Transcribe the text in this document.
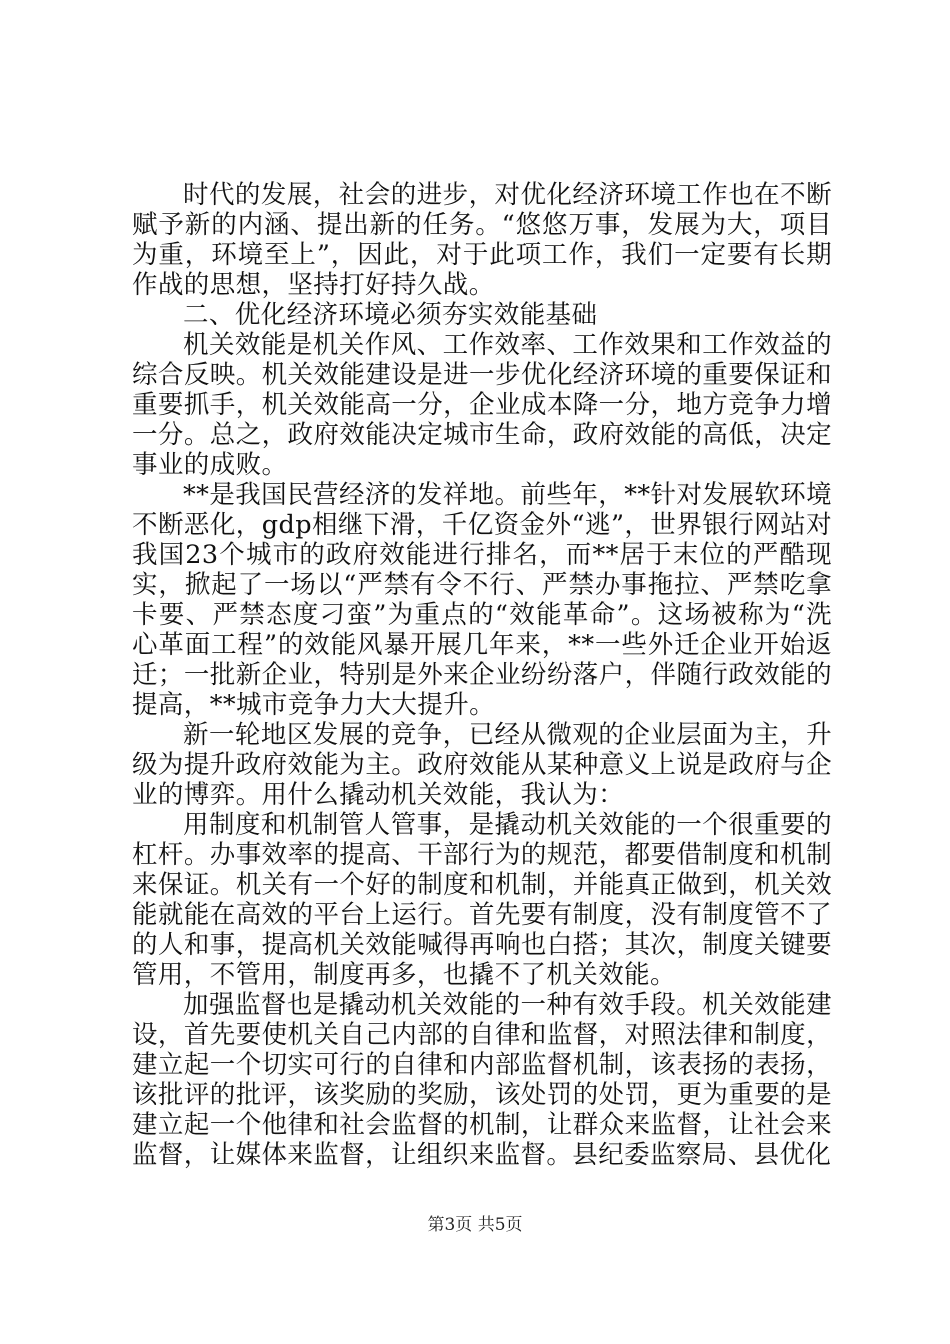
时代的发展，社会的进步，对优化经济环境工作也在不断赋予新的内涵、提出新的任务。“悠悠万事，发展为大，项目为重，环境至上”，因此，对于此项工作，我们一定要有长期作战的思想，坚持打好持久战。

二、优化经济环境必须夯实效能基础

机关效能是机关作风、工作效率、工作效果和工作效益的综合反映。机关效能建设是进一步优化经济环境的重要保证和重要抓手，机关效能高一分，企业成本降一分，地方竞争力增一分。总之，政府效能决定城市生命，政府效能的高低，决定事业的成败。

**是我国民营经济的发祥地。前些年，**针对发展软环境不断恶化，gdp相继下滑，千亿资金外“逃”，世界银行网站对我国23个城市的政府效能进行排名，而**居于末位的严酷现实，掀起了一场以“严禁有令不行、严禁办事拖拉、严禁吃拿卡要、严禁态度刁蛮”为重点的“效能革命”。这场被称为“洗心革面工程”的效能风暴开展几年来，**一些外迁企业开始返迁；一批新企业，特别是外来企业纷纷落户，伴随行政效能的提高，**城市竞争力大大提升。

新一轮地区发展的竞争，已经从微观的企业层面为主，升级为提升政府效能为主。政府效能从某种意义上说是政府与企业的博弈。用什么撬动机关效能，我认为：

用制度和机制管人管事，是撬动机关效能的一个很重要的杠杆。办事效率的提高、干部行为的规范，都要借制度和机制来保证。机关有一个好的制度和机制，并能真正做到，机关效能就能在高效的平台上运行。首先要有制度，没有制度管不了的人和事，提高机关效能喊得再响也白搭；其次，制度关键要管用，不管用，制度再多，也撬不了机关效能。

加强监督也是撬动机关效能的一种有效手段。机关效能建设，首先要使机关自己内部的自律和监督，对照法律和制度，建立起一个切实可行的自律和内部监督机制，该表扬的表扬，该批评的批评，该奖励的奖励，该处罚的处罚，更为重要的是建立起一个他律和社会监督的机制，让群众来监督，让社会来监督，让媒体来监督，让组织来监督。县纪委监察局、县优化

第3页 共5页
